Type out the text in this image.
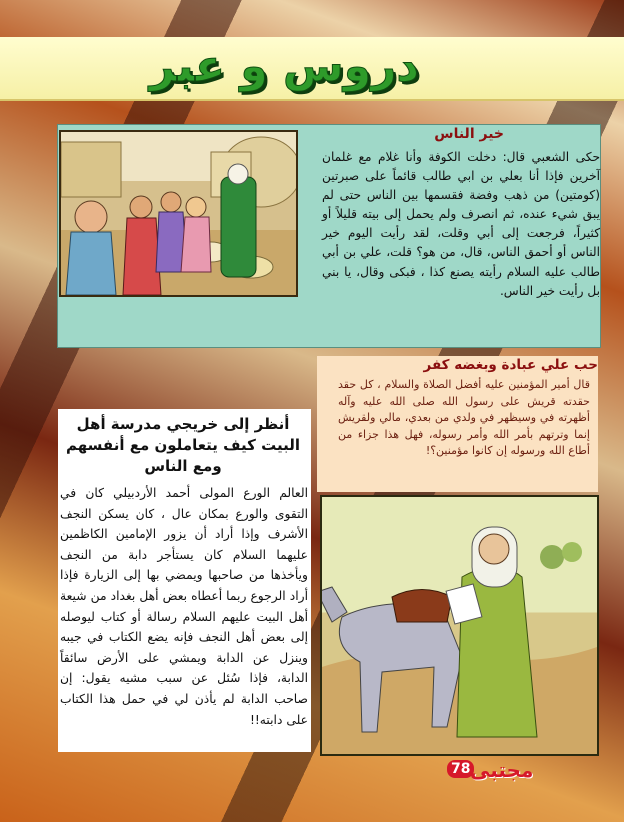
دروس و عبر
خير الناس
حكى الشعبي قال: دخلت الكوفة وأنا غلام مع غلمان آخرين فإذا أنا بعلي بن ابي طالب قائماً على صبرتين (كومتين) من ذهب وفضة فقسمها بين الناس حتى لم يبق شيء عنده، ثم انصرف ولم يحمل إلى بيته قليلاً أو كثيراً، فرجعت إلى أبي وقلت، لقد رأيت اليوم خير الناس أو أحمق الناس، قال، من هو؟ قلت، علي بن أبي طالب عليه السلام رأيته يصنع كذا ، فبكى وقال، يا بني بل رأيت خير الناس.
حب علي عبادة وبغضه كفر
قال أمير المؤمنين عليه أفضل الصلاة والسلام ، كل حقد حقدته قريش على رسول الله صلى الله عليه وآله أظهرته في وسيظهر في ولدي من بعدي، مالي ولقريش إنما وترتهم بأمر الله وأمر رسوله، فهل هذا جزاء من أطاع الله ورسوله إن كانوا مؤمنين؟!
أنظر إلى خريجي مدرسة أهل البيت كيف يتعاملون مع أنفسهم ومع الناس
العالم الورع المولى أحمد الأردبيلي كان في التقوى والورع بمكان عال ، كان يسكن النجف الأشرف وإذا أراد أن يزور الإمامين الكاظمين عليهما السلام كان يستأجر دابة من النجف ويأخذها من صاحبها ويمضي بها إلى الزيارة فإذا أراد الرجوع ربما أعطاه بعض أهل بغداد من شيعة أهل البيت عليهم السلام رسالة أو كتاب ليوصله إلى بعض أهل النجف فإنه يضع الكتاب في جيبه وينزل عن الدابة ويمشي على الأرض سائقاً الدابة، فإذا سُئل عن سبب مشيه يقول: إن صاحب الدابة لم يأذن لي في حمل هذا الكتاب على دابته!!
78 مجتبى
